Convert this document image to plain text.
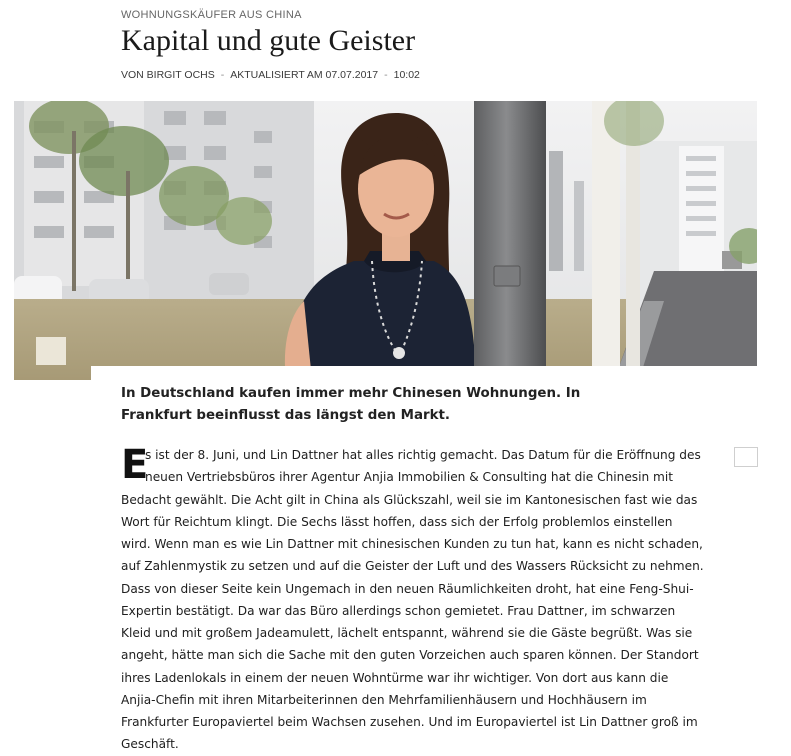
WOHNUNGSKÄUFER AUS CHINA
Kapital und gute Geister
VON BIRGIT OCHS - AKTUALISIERT AM 07.07.2017 - 10:02

In Deutschland kaufen immer mehr Chinesen Wohnungen. In Frankfurt beeinflusst das längst den Markt.

E
s ist der 8. Juni, und Lin Dattner hat alles richtig gemacht. Das Datum für die Eröffnung des
neuen Vertriebsbüros ihrer Agentur Anjia Immobilien & Consulting hat die Chinesin mit
Bedacht gewählt. Die Acht gilt in China als Glückszahl, weil sie im Kantonesischen fast wie das
Wort für Reichtum klingt. Die Sechs lässt hoffen, dass sich der Erfolg problemlos einstellen
wird. Wenn man es wie Lin Dattner mit chinesischen Kunden zu tun hat, kann es nicht schaden,
auf Zahlenmystik zu setzen und auf die Geister der Luft und des Wassers Rücksicht zu nehmen.
Dass von dieser Seite kein Ungemach in den neuen Räumlichkeiten droht, hat eine Feng-Shui-
Expertin bestätigt. Da war das Büro allerdings schon gemietet. Frau Dattner, im schwarzen
Kleid und mit großem Jadeamulett, lächelt entspannt, während sie die Gäste begrüßt. Was sie
angeht, hätte man sich die Sache mit den guten Vorzeichen auch sparen können. Der Standort
ihres Ladenlokals in einem der neuen Wohntürme war ihr wichtiger. Von dort aus kann die
Anjia-Chefin mit ihren Mitarbeiterinnen den Mehrfamilienhäusern und Hochhäusern im
Frankfurter Europaviertel beim Wachsen zusehen. Und im Europaviertel ist Lin Dattner groß im
Geschäft.
